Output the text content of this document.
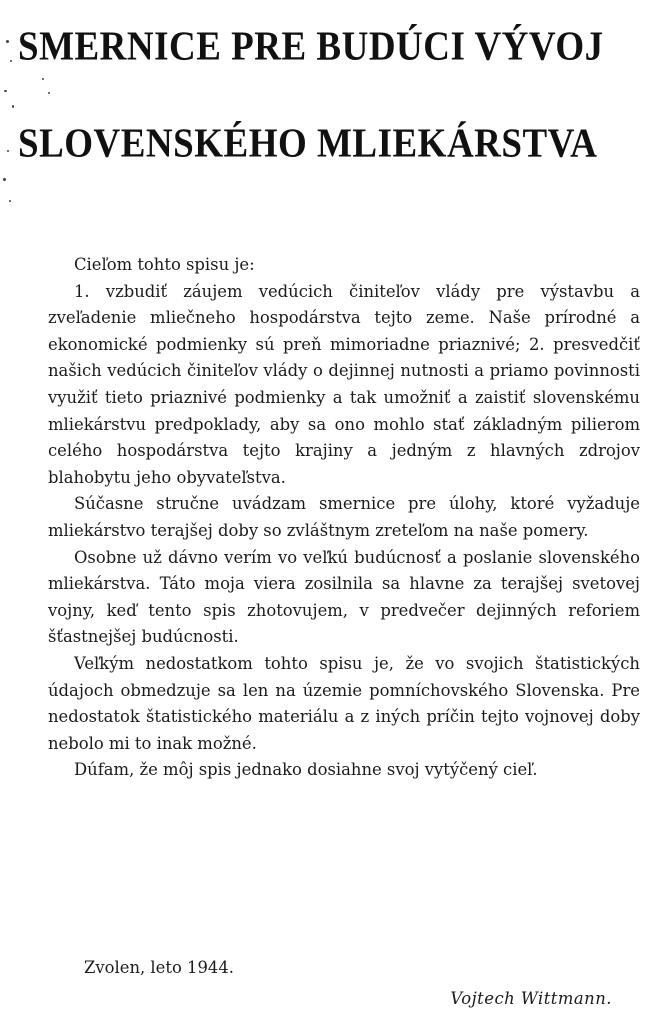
SMERNICE PRE BUDÚCI VÝVOJ
SLOVENSKÉHO MLIEKÁRSTVA

Cieľom tohto spisu je:

1. vzbudiť záujem vedúcich činiteľov vlády pre výstavbu a zveľadenie mliečneho hospodárstva tejto zeme. Naše prírodné a ekonomické podmienky sú preň mimoriadne priaznivé; 2. presvedčiť našich vedúcich činiteľov vlády o dejinnej nutnosti a priamo povinnosti využiť tieto priaznivé podmienky a tak umožniť a zaistiť slovenskému mliekárstvu predpoklady, aby sa ono mohlo stať základným pilierom celého hospodárstva tejto krajiny a jedným z hlavných zdrojov blahobytu jeho obyvateľstva.

Súčasne stručne uvádzam smernice pre úlohy, ktoré vyžaduje mliekárstvo terajšej doby so zvláštnym zreteľom na naše pomery.

Osobne už dávno verím vo veľkú budúcnosť a poslanie slovenského mliekárstva. Táto moja viera zosilnila sa hlavne za terajšej svetovej vojny, keď tento spis zhotovujem, v predvečer dejinných reforiem šťastnejšej budúcnosti.

Veľkým nedostatkom tohto spisu je, že vo svojich štatistických údajoch obmedzuje sa len na územie pomníchovského Slovenska. Pre nedostatok štatistického materiálu a z iných príčin tejto vojnovej doby nebolo mi to inak možné.

Dúfam, že môj spis jednako dosiahne svoj vytýčený cieľ.

Zvolen, leto 1944.
Vojtech Wittmann.
